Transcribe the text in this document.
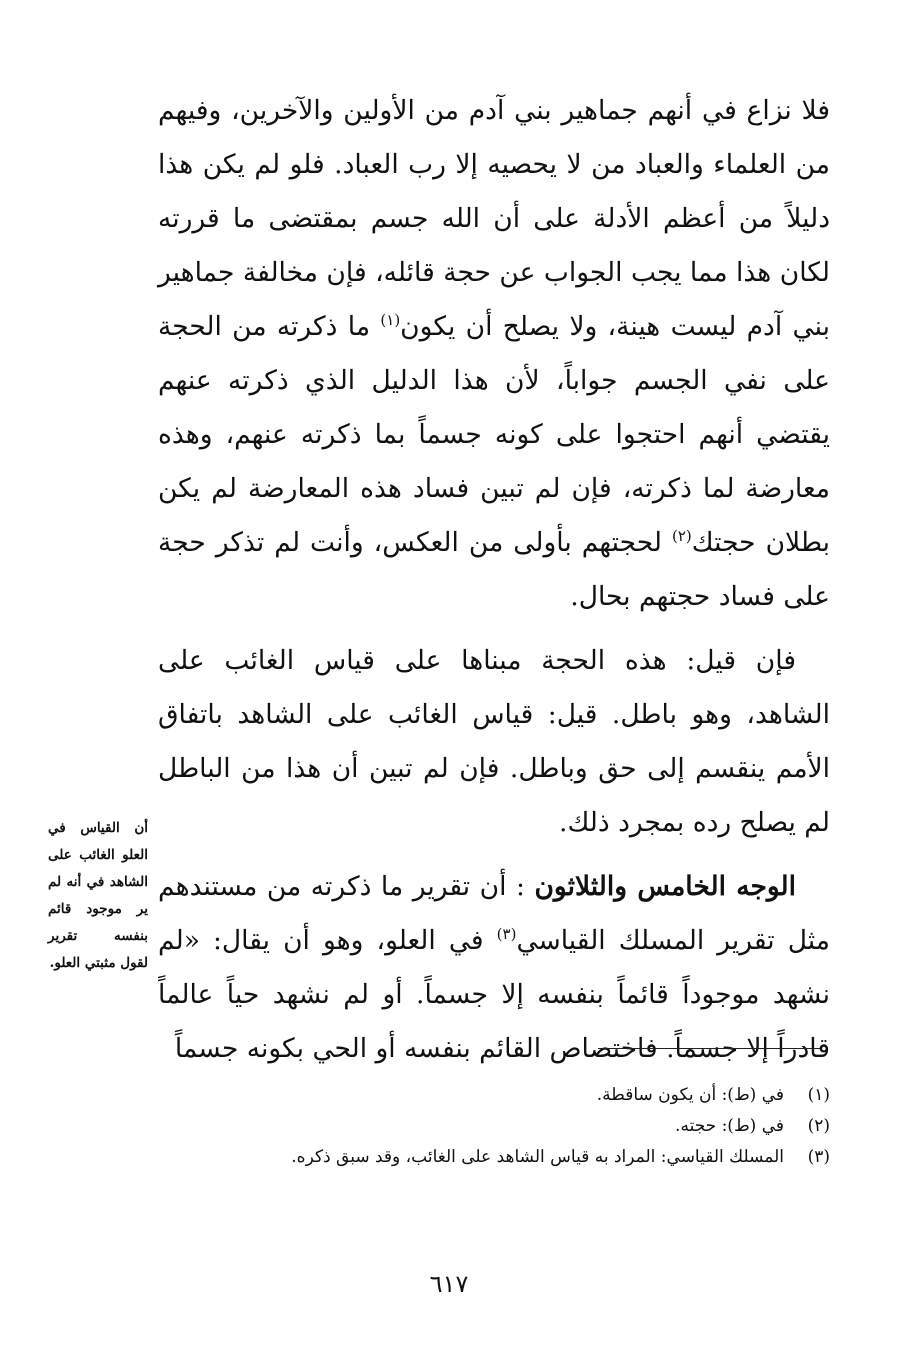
فلا نزاع في أنهم جماهير بني آدم من الأولين والآخرين، وفيهم من العلماء والعباد من لا يحصيه إلا رب العباد. فلو لم يكن هذا دليلاً من أعظم الأدلة على أن الله جسم بمقتضى ما قررته لكان هذا مما يجب الجواب عن حجة قائله، فإن مخالفة جماهير بني آدم ليست هينة، ولا يصلح أن يكون$^{(١)}$ ما ذكرته من الحجة على نفي الجسم جواباً، لأن هذا الدليل الذي ذكرته عنهم يقتضي أنهم احتجوا على كونه جسماً بما ذكرته عنهم، وهذه معارضة لما ذكرته، فإن لم تبين فساد هذه المعارضة لم يكن بطلان حجتك$^{(٢)}$ لحجتهم بأولى من العكس، وأنت لم تذكر حجة على فساد حجتهم بحال.

فإن قيل: هذه الحجة مبناها على قياس الغائب على الشاهد، وهو باطل. قيل: قياس الغائب على الشاهد باتفاق الأمم ينقسم إلى حق وباطل. فإن لم تبين أن هذا من الباطل لم يصلح رده بمجرد ذلك.

الوجه الخامس والثلاثون : أن تقرير ما ذكرته من مستندهم مثل تقرير المسلك القياسي$^{(٣)}$ في العلو، وهو أن يقال: «لم نشهد موجوداً قائماً بنفسه إلا جسماً. أو لم نشهد حياً عالماً قادراً إلا جسماً. فاختصاص القائم بنفسه أو الحي بكونه جسماً

أن القياس في العلو الغائب على الشاهد في أنه لم ير موجود قائم بنفسه تقرير لقول مثبتي العلو.
(١)في (ط): أن يكون ساقطة.
(٢)في (ط): حجته.
(٣)المسلك القياسي: المراد به قياس الشاهد على الغائب، وقد سبق ذكره.
٦١٧
